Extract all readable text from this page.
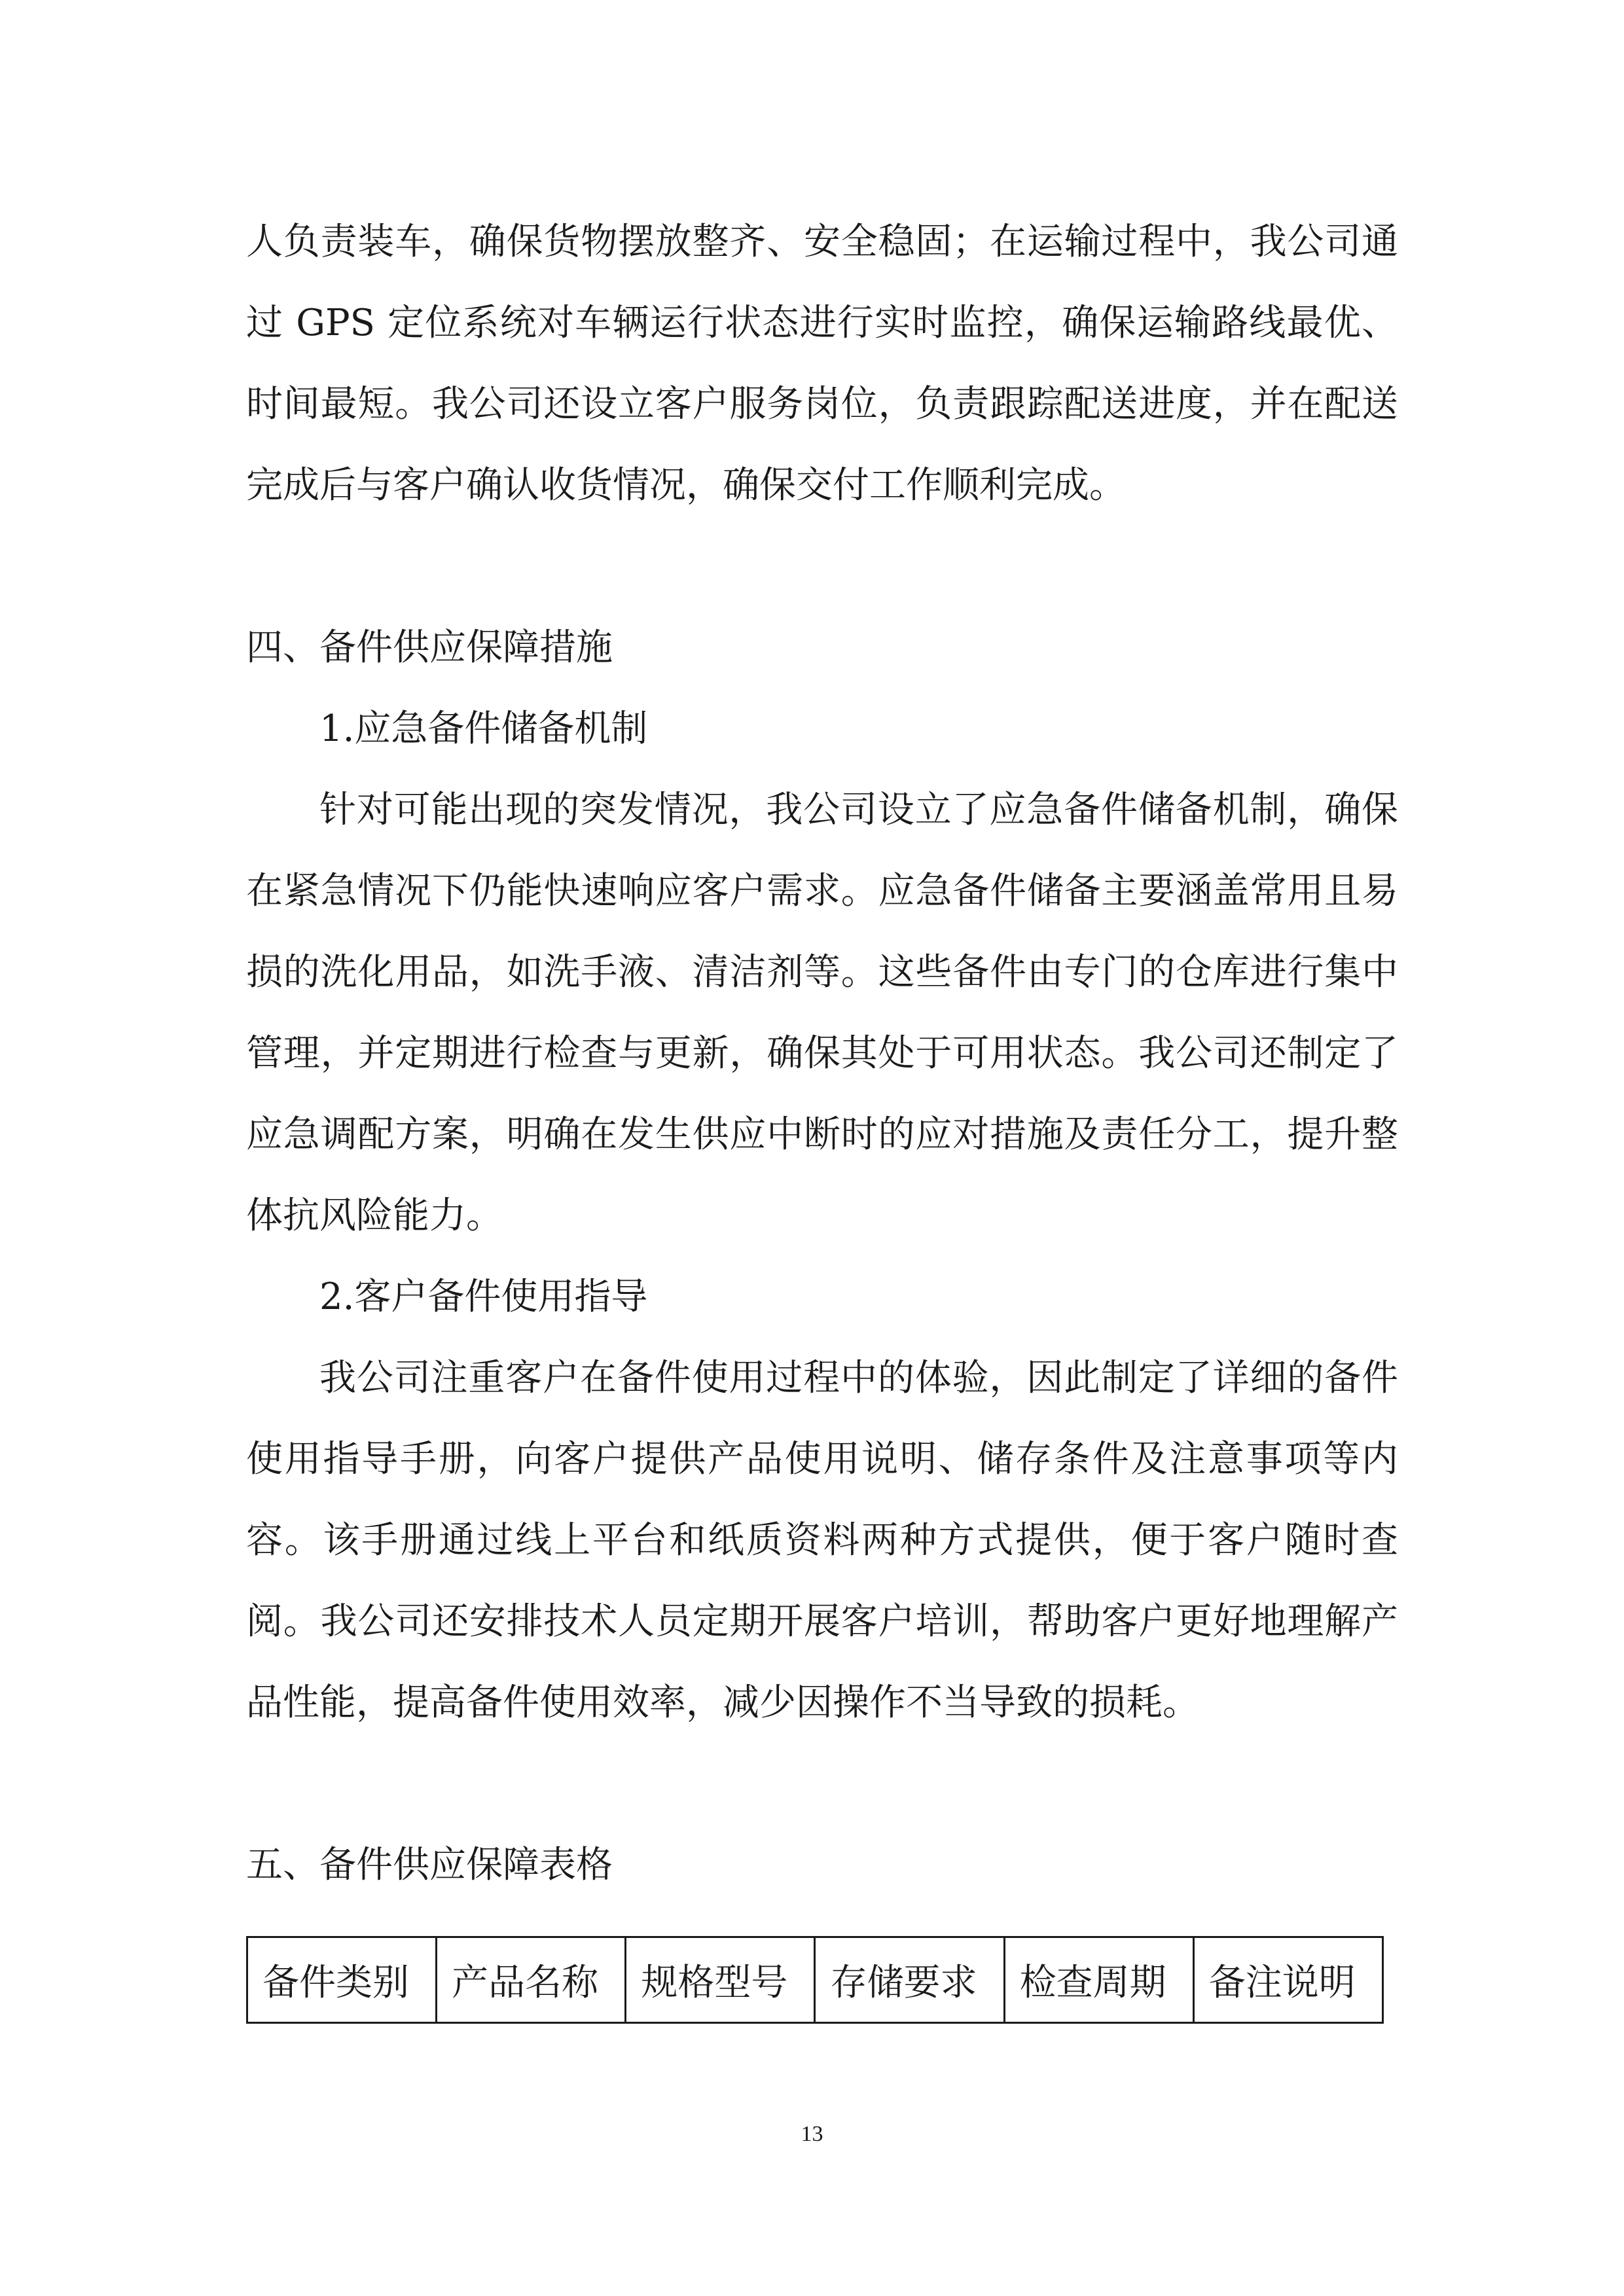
人负责装车，确保货物摆放整齐、安全稳固；在运输过程中，我公司通过 GPS 定位系统对车辆运行状态进行实时监控，确保运输路线最优、时间最短。我公司还设立客户服务岗位，负责跟踪配送进度，并在配送完成后与客户确认收货情况，确保交付工作顺利完成。

四、备件供应保障措施

1.应急备件储备机制

针对可能出现的突发情况，我公司设立了应急备件储备机制，确保在紧急情况下仍能快速响应客户需求。应急备件储备主要涵盖常用且易损的洗化用品，如洗手液、清洁剂等。这些备件由专门的仓库进行集中管理，并定期进行检查与更新，确保其处于可用状态。我公司还制定了应急调配方案，明确在发生供应中断时的应对措施及责任分工，提升整体抗风险能力。

2.客户备件使用指导

我公司注重客户在备件使用过程中的体验，因此制定了详细的备件使用指导手册，向客户提供产品使用说明、储存条件及注意事项等内容。该手册通过线上平台和纸质资料两种方式提供，便于客户随时查阅。我公司还安排技术人员定期开展客户培训，帮助客户更好地理解产品性能，提高备件使用效率，减少因操作不当导致的损耗。

五、备件供应保障表格

备件类别	产品名称	规格型号	存储要求	检查周期	备注说明
13
